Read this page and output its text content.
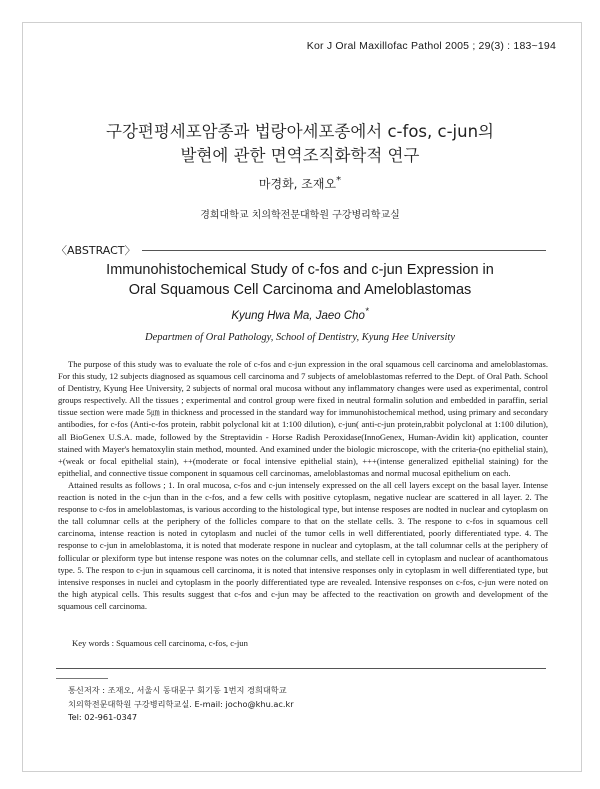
Kor J Oral Maxillofac Pathol 2005 ; 29(3) : 183~194
구강편평세포암종과 법랑아세포종에서 c-fos, c-jun의
발현에 관한 면역조직화학적 연구
마경화, 조재오*
경희대학교 치의학전문대학원 구강병리학교실
〈ABSTRACT〉
Immunohistochemical Study of c-fos and c-jun Expression in
Oral Squamous Cell Carcinoma and Ameloblastomas
Kyung Hwa Ma, Jaeo Cho*
Departmen of Oral Pathology, School of Dentistry, Kyung Hee University

The purpose of this study was to evaluate the role of c-fos and c-jun expression in the oral squamous cell carcinoma and ameloblastomas. For this study, 12 subjects diagnosed as squamous cell carcinoma and 7 subjects of ameloblastomas referred to the Dept. of Oral Path. School of Dentistry, Kyung Hee University, 2 subjects of normal oral mucosa without any inflammatory changes were used as experimental, control groups respectively. All the tissues ; experimental and control group were fixed in neutral formalin solution and embedded in paraffin, serial tissue section were made 5㎛ in thickness and processed in the standard way for immunohistochemical method, using primary and secondary antibodies, for c-fos (Anti-c-fos protein, rabbit polyclonal kit at 1:100 dilution), c-jun( anti-c-jun protein,rabbit polyclonal at 1:100 dilution), all BioGenex U.S.A. made, followed by the Streptavidin - Horse Radish Peroxidase(InnoGenex, Human-Avidin kit) application, counter stained with Mayer's hematoxylin stain method, mounted. And examined under the biologic microscope, with the criteria-(no epithelial stain), +(weak or focal epithelial stain), ++(moderate or focal intensive epithelial stain), +++(intense generalized epithelial staining) for the epithelial, and connective tissue component in squamous cell carcinomas, ameloblastomas and normal mucosal epithelium on each.

Attained results as follows ; 1. In oral mucosa, c-fos and c-jun intensely expressed on the all cell layers except on the basal layer. Intense reaction is noted in the c-jun than in the c-fos, and a few cells with positive cytoplasm, negative nuclear are scattered in all layer. 2. The response to c-fos in ameloblastomas, is various according to the histological type, but intense resposes are nodted in nuclear and cytoplasm on the tall columnar cells at the periphery of the follicles compare to that on the stellate cells. 3. The respone to c-fos in squamous cell carcinoma, intense reaction is noted in cytoplasm and nuclei of the tumor cells in well differentiated, poorly differentiated type. 4. The response to c-jun in ameloblastoma, it is noted that moderate respone in nuclear and cytoplasm, at the tall columnar cells at the periphery of follicular or plexiform type but intense respone was notes on the columnar cells, and stellate cell in cytoplasm and nuclear of acanthomatous type. 5. The respon to c-jun in squamous cell carcinoma, it is noted that intensive responses only in cytoplasm in well differentiated type, but intensive responses in nuclei and cytoplasm in the poorly differentiated type are revealed. Intensive responses on c-fos, c-jun were noted on the high atypical cells. This results suggest that c-fos and c-jun may be affected to the reactivation on growth and development of the squamous cell carcinoma.

Key words : Squamous cell carcinoma, c-fos, c-jun
통신저자 : 조재오, 서울시 동대문구 회기동 1번지 경희대학교
치의학전문대학원 구강병리학교실. E-mail: jocho@khu.ac.kr
Tel: 02-961-0347
